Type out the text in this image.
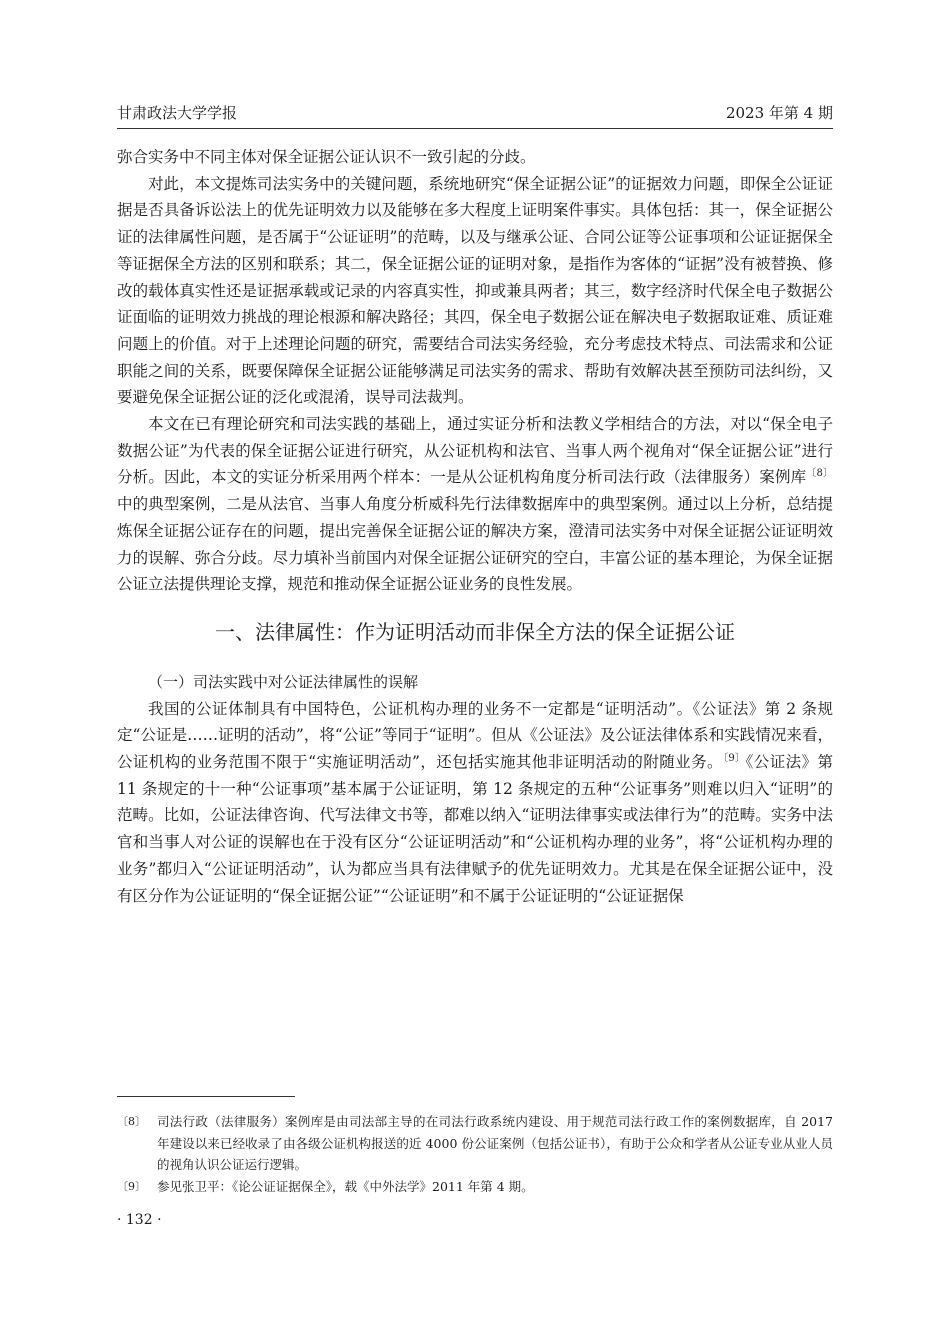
甘肃政法大学学报	2023 年第 4 期

弥合实务中不同主体对保全证据公证认识不一致引起的分歧。

对此，本文提炼司法实务中的关键问题，系统地研究“保全证据公证”的证据效力问题，即保全公证证据是否具备诉讼法上的优先证明效力以及能够在多大程度上证明案件事实。具体包括：其一，保全证据公证的法律属性问题，是否属于“公证证明”的范畴，以及与继承公证、合同公证等公证事项和公证证据保全等证据保全方法的区别和联系；其二，保全证据公证的证明对象，是指作为客体的“证据”没有被替换、修改的载体真实性还是证据承载或记录的内容真实性，抑或兼具两者；其三，数字经济时代保全电子数据公证面临的证明效力挑战的理论根源和解决路径；其四，保全电子数据公证在解决电子数据取证难、质证难问题上的价值。对于上述理论问题的研究，需要结合司法实务经验，充分考虑技术特点、司法需求和公证职能之间的关系，既要保障保全证据公证能够满足司法实务的需求、帮助有效解决甚至预防司法纠纷，又要避免保全证据公证的泛化或混淆，误导司法裁判。

本文在已有理论研究和司法实践的基础上，通过实证分析和法教义学相结合的方法，对以“保全电子数据公证”为代表的保全证据公证进行研究，从公证机构和法官、当事人两个视角对“保全证据公证”进行分析。因此，本文的实证分析采用两个样本：一是从公证机构角度分析司法行政（法律服务）案例库$^{〔8〕}$中的典型案例，二是从法官、当事人角度分析威科先行法律数据库中的典型案例。通过以上分析，总结提炼保全证据公证存在的问题，提出完善保全证据公证的解决方案，澄清司法实务中对保全证据公证证明效力的误解、弥合分歧。尽力填补当前国内对保全证据公证研究的空白，丰富公证的基本理论，为保全证据公证立法提供理论支撑，规范和推动保全证据公证业务的良性发展。

一、法律属性：作为证明活动而非保全方法的保全证据公证

（一）司法实践中对公证法律属性的误解

我国的公证体制具有中国特色，公证机构办理的业务不一定都是“证明活动”。《公证法》第 2 条规定“公证是……证明的活动”，将“公证”等同于“证明”。但从《公证法》及公证法律体系和实践情况来看，公证机构的业务范围不限于“实施证明活动”，还包括实施其他非证明活动的附随业务。$^{〔9〕}$《公证法》第 11 条规定的十一种“公证事项”基本属于公证证明，第 12 条规定的五种“公证事务”则难以归入“证明”的范畴。比如，公证法律咨询、代写法律文书等，都难以纳入“证明法律事实或法律行为”的范畴。实务中法官和当事人对公证的误解也在于没有区分“公证证明活动”和“公证机构办理的业务”，将“公证机构办理的业务”都归入“公证证明活动”，认为都应当具有法律赋予的优先证明效力。尤其是在保全证据公证中，没有区分作为公证证明的“保全证据公证”“公证证明”和不属于公证证明的“公证证据保

〔8〕 司法行政（法律服务）案例库是由司法部主导的在司法行政系统内建设、用于规范司法行政工作的案例数据库，自 2017 年建设以来已经收录了由各级公证机构报送的近 4000 份公证案例（包括公证书），有助于公众和学者从公证专业从业人员的视角认识公证运行逻辑。
〔9〕 参见张卫平：《论公证证据保全》，载《中外法学》2011 年第 4 期。
· 132 ·
